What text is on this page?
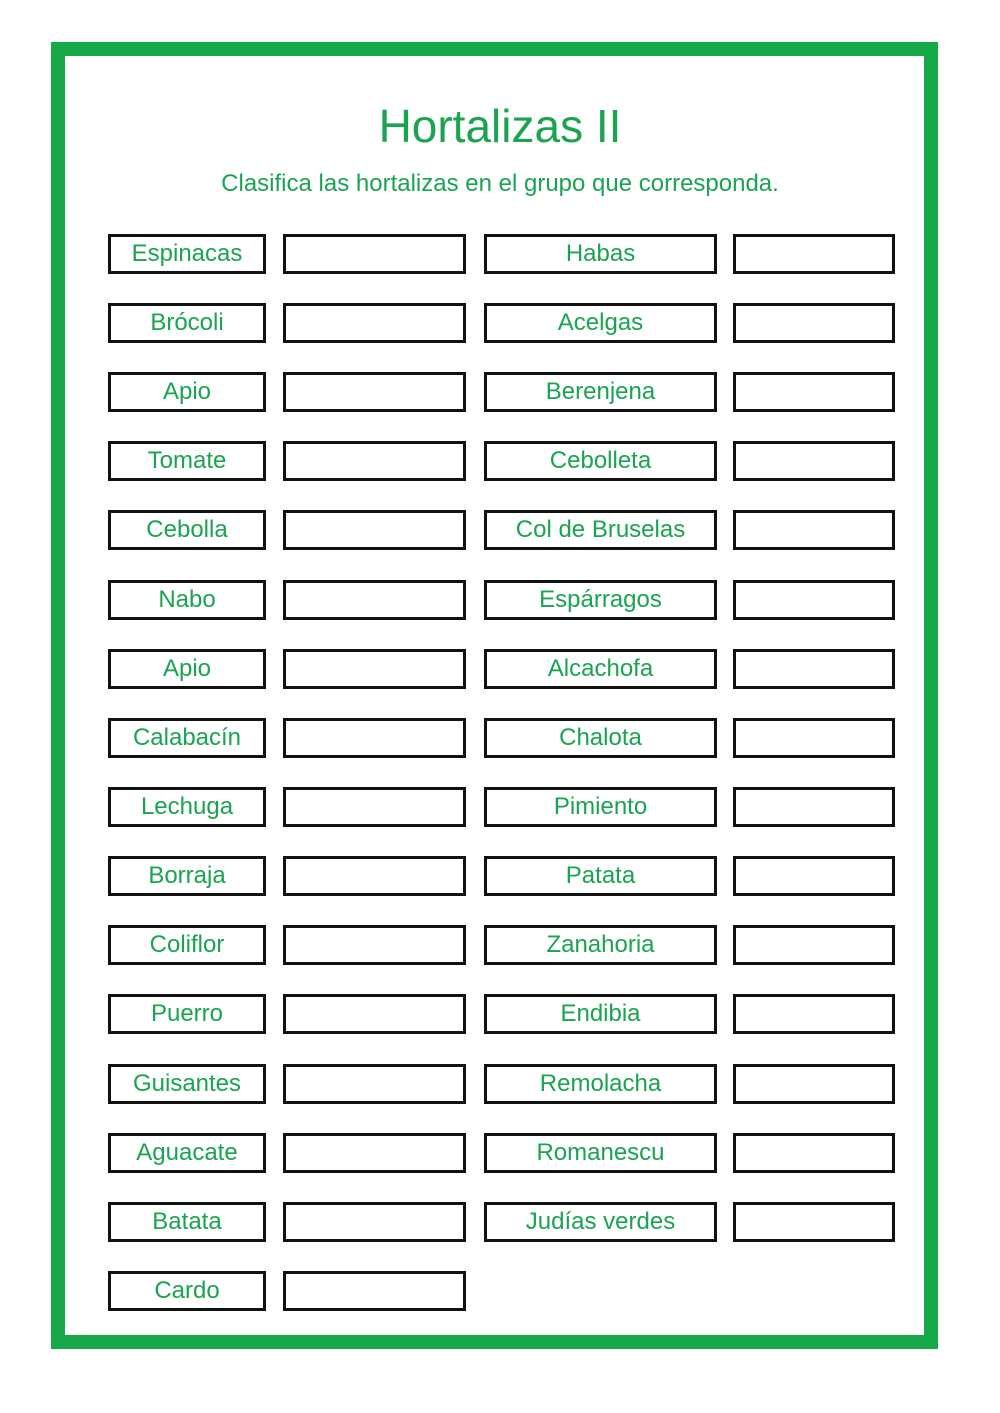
Hortalizas II
Clasifica las hortalizas en el grupo que corresponda.
Espinacas
Brócoli
Apio
Tomate
Cebolla
Nabo
Apio
Calabacín
Lechuga
Borraja
Coliflor
Puerro
Guisantes
Aguacate
Batata
Cardo
Habas
Acelgas
Berenjena
Cebolleta
Col de Bruselas
Espárragos
Alcachofa
Chalota
Pimiento
Patata
Zanahoria
Endibia
Remolacha
Romanescu
Judías verdes
